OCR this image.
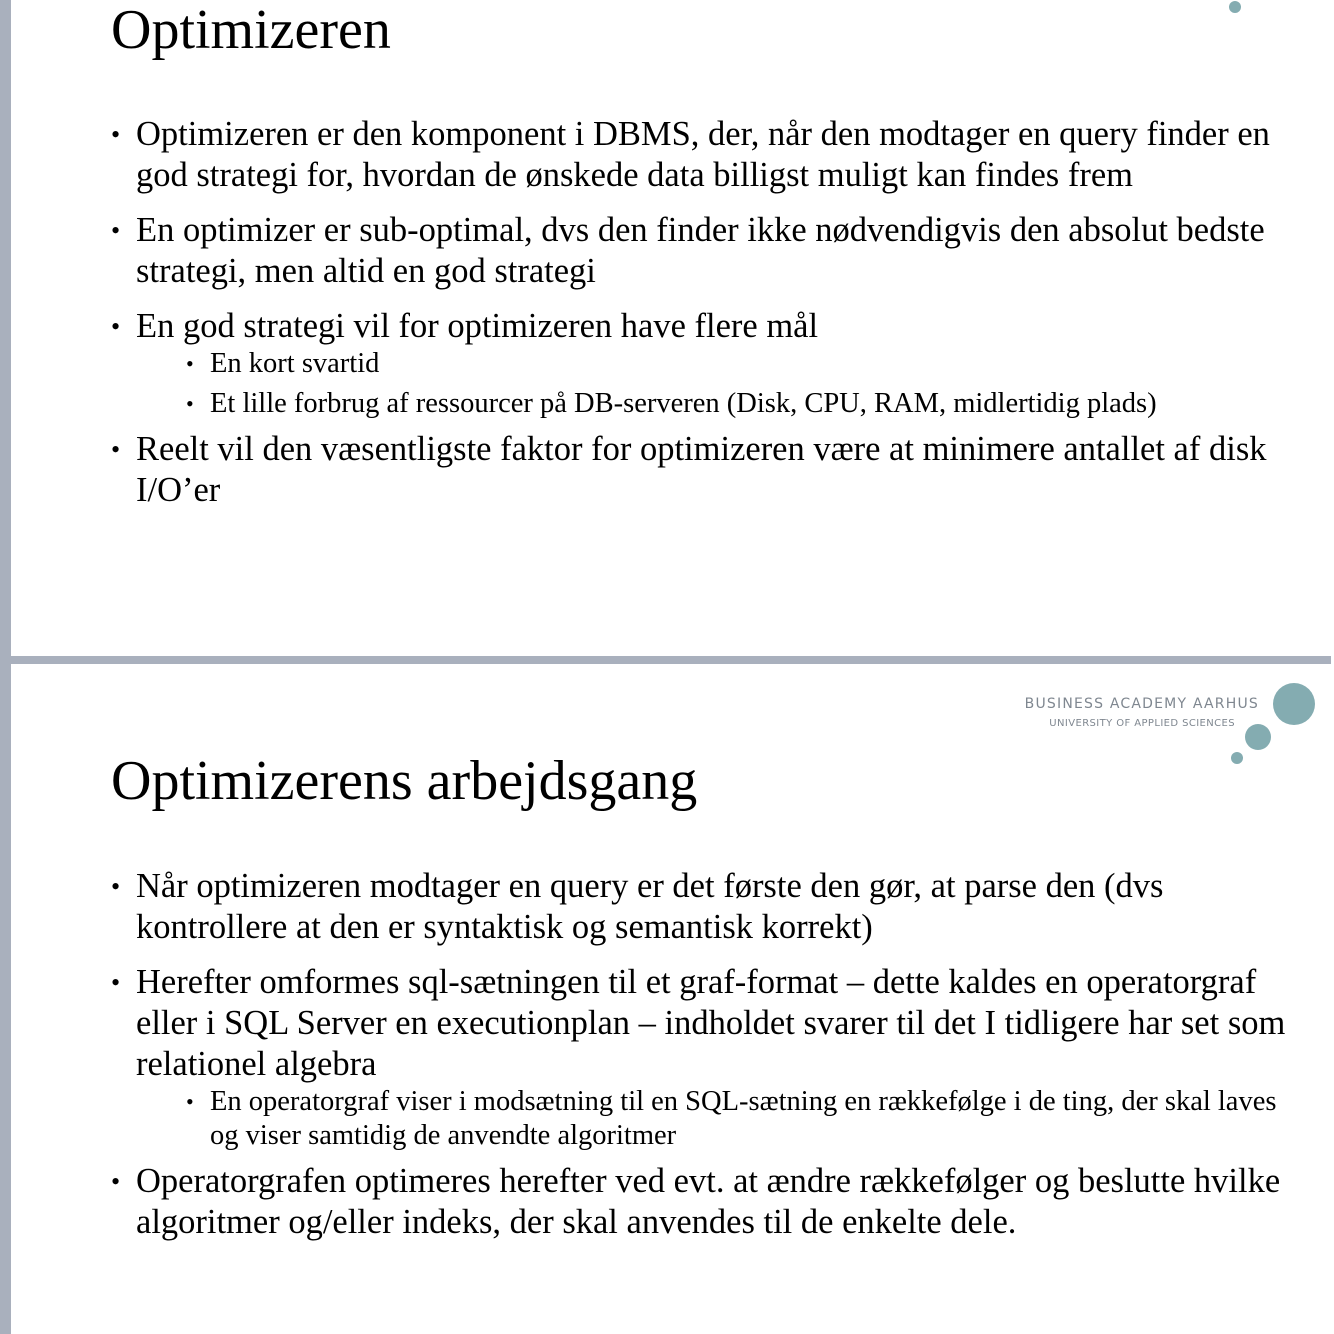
Optimizeren
• Optimizeren er den komponent i DBMS, der, når den modtager en query finder en god strategi for, hvordan de ønskede data billigst muligt kan findes frem
• En optimizer er sub-optimal, dvs den finder ikke nødvendigvis den absolut bedste strategi, men altid en god strategi
• En god strategi vil for optimizeren have flere mål
• En kort svartid
• Et lille forbrug af ressourcer på DB-serveren (Disk, CPU, RAM, midlertidig plads)
• Reelt vil den væsentligste faktor for optimizeren være at minimere antallet af disk I/O’er
BUSINESS ACADEMY AARHUS
UNIVERSITY OF APPLIED SCIENCES
Optimizerens arbejdsgang
• Når optimizeren modtager en query er det første den gør, at parse den (dvs kontrollere at den er syntaktisk og semantisk korrekt)
• Herefter omformes sql-sætningen til et graf-format – dette kaldes en operatorgraf eller i SQL Server en executionplan – indholdet svarer til det I tidligere har set som relationel algebra
• En operatorgraf viser i modsætning til en SQL-sætning en rækkefølge i de ting, der skal laves og viser samtidig de anvendte algoritmer
• Operatorgrafen optimeres herefter ved evt. at ændre rækkefølger og beslutte hvilke algoritmer og/eller indeks, der skal anvendes til de enkelte dele.
